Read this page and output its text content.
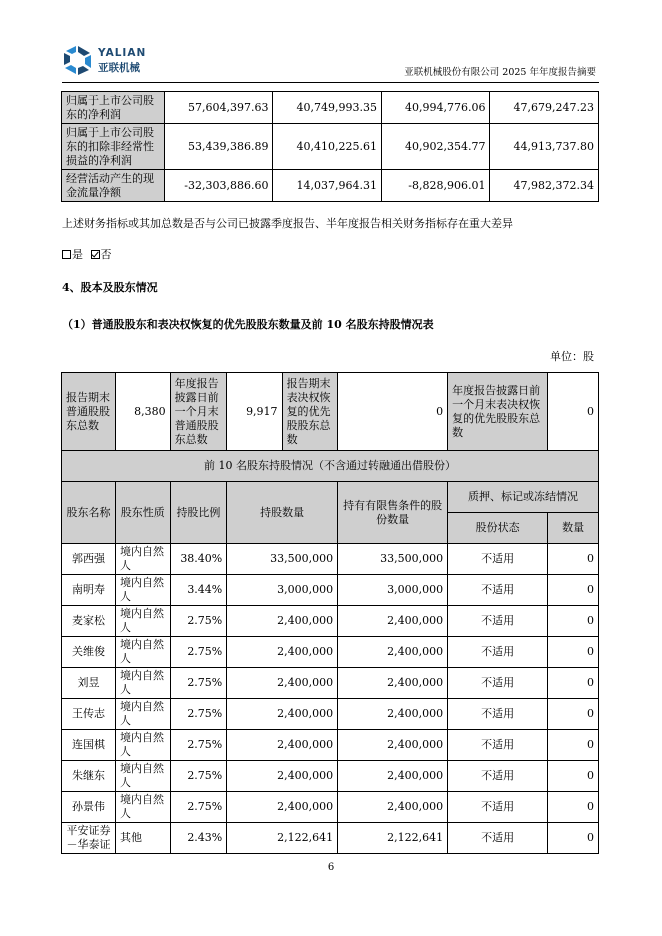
YALIAN
亚联机械	亚联机械股份有限公司 2025 年年度报告摘要
归属于上市公司股东的净利润	57,604,397.63	40,749,993.35	40,994,776.06	47,679,247.23
归属于上市公司股东的扣除非经常性损益的净利润	53,439,386.89	40,410,225.61	40,902,354.77	44,913,737.80
经营活动产生的现金流量净额	-32,303,886.60	14,037,964.31	-8,828,906.01	47,982,372.34
上述财务指标或其加总数是否与公司已披露季度报告、半年度报告相关财务指标存在重大差异
是 否
4、股本及股东情况
（1）普通股股东和表决权恢复的优先股股东数量及前 10 名股东持股情况表
单位：股
报告期末普通股股东总数	8,380	年度报告披露日前一个月末普通股股东总数	9,917	报告期末表决权恢复的优先股股东总数	0	年度报告披露日前一个月末表决权恢复的优先股股东总数	0
前 10 名股东持股情况（不含通过转融通出借股份）							
股东名称	股东性质	持股比例	持股数量		持有有限售条件的股份数量	质押、标记或冻结情况	
						股份状态	数量
郭西强	境内自然人	38.40%	33,500,000		33,500,000	不适用	0
南明寿	境内自然人	3.44%	3,000,000		3,000,000	不适用	0
麦家松	境内自然人	2.75%	2,400,000		2,400,000	不适用	0
关维俊	境内自然人	2.75%	2,400,000		2,400,000	不适用	0
刘昱	境内自然人	2.75%	2,400,000		2,400,000	不适用	0
王传志	境内自然人	2.75%	2,400,000		2,400,000	不适用	0
连国棋	境内自然人	2.75%	2,400,000		2,400,000	不适用	0
朱继东	境内自然人	2.75%	2,400,000		2,400,000	不适用	0
孙景伟	境内自然人	2.75%	2,400,000		2,400,000	不适用	0
平安证券－华泰证	其他	2.43%	2,122,641		2,122,641	不适用	0
6
